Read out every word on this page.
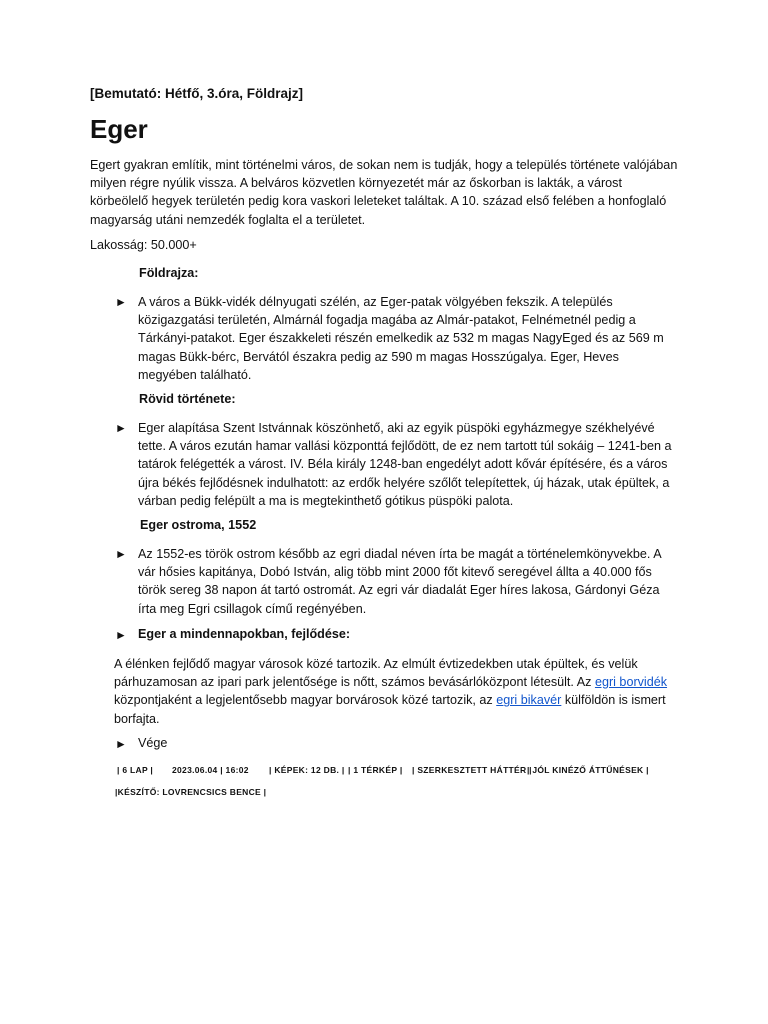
[Bemutató: Hétfő, 3.óra, Földrajz]
Eger
Egert gyakran említik, mint történelmi város, de sokan nem is tudják, hogy a település története valójában milyen régre nyúlik vissza. A belváros közvetlen környezetét már az őskorban is lakták, a várost körbeölelő hegyek területén pedig kora vaskori leleteket találtak. A 10. század első felében a honfoglaló magyarság utáni nemzedék foglalta el a területet.
Lakosság: 50.000+
Földrajza:
► A város a Bükk-vidék délnyugati szélén, az Eger-patak völgyében fekszik. A település közigazgatási területén, Almárnál fogadja magába az Almár-patakot, Felnémetnél pedig a Tárkányi-patakot. Eger északkeleti részén emelkedik az 532 m magas NagyEged és az 569 m magas Bükk-bérc, Bervától északra pedig az 590 m magas Hosszúgalya. Eger, Heves megyében található.
Rövid története:
► Eger alapítása Szent Istvánnak köszönhető, aki az egyik püspöki egyházmegye székhelyévé tette. A város ezután hamar vallási központtá fejlődött, de ez nem tartott túl sokáig – 1241-ben a tatárok felégették a várost. IV. Béla király 1248-ban engedélyt adott kővár építésére, és a város újra békés fejlődésnek indulhatott: az erdők helyére szőlőt telepítettek, új házak, utak épültek, a várban pedig felépült a ma is megtekinthető gótikus püspöki palota.
Eger ostroma, 1552
► Az 1552-es török ostrom később az egri diadal néven írta be magát a történelemkönyvekbe. A vár hősies kapitánya, Dobó István, alig több mint 2000 főt kitevő seregével állta a 40.000 fős török sereg 38 napon át tartó ostromát. Az egri vár diadalát Eger híres lakosa, Gárdonyi Géza írta meg Egri csillagok című regényében.
► Eger a mindennapokban, fejlődése:
A élénken fejlődő magyar városok közé tartozik. Az elmúlt évtizedekben utak épültek, és velük párhuzamosan az ipari park jelentősége is nőtt, számos bevásárlóközpont létesült. Az egri borvidék központjaként a legjelentősebb magyar borvárosok közé tartozik, az egri bikavér külföldön is ismert borfajta.
► Vége
| 6 LAP | 2023.06.04 | 16:02 | KÉPEK: 12 DB. | | 1 TÉRKÉP | | SZERKESZTETT HÁTTÉR |
| JÓL KINÉZŐ ÁTTŰNÉSEK |
|KÉSZÍTŐ: LOVRENCSICS BENCE |
